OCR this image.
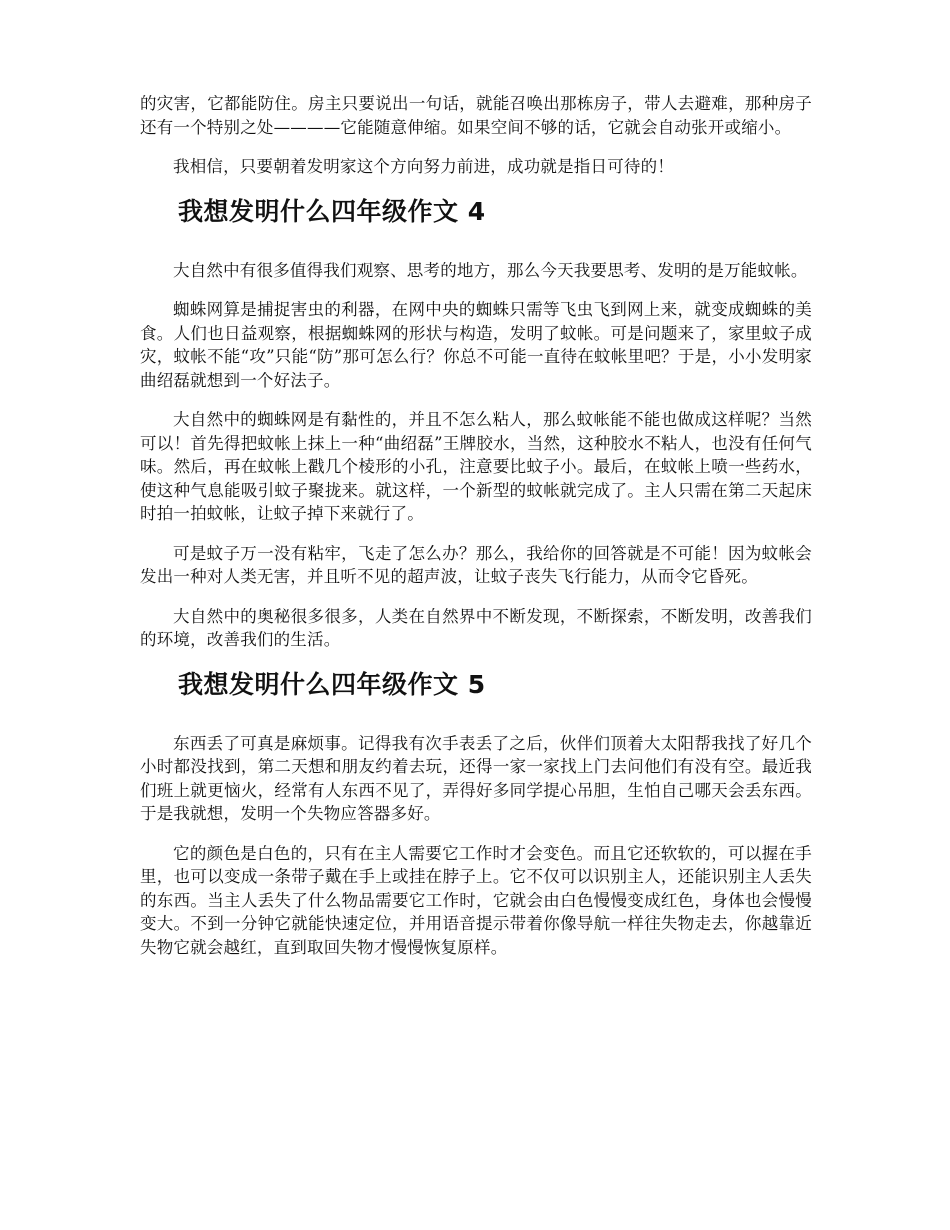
的灾害，它都能防住。房主只要说出一句话，就能召唤出那栋房子，带人去避难，那种房子还有一个特别之处————它能随意伸缩。如果空间不够的话，它就会自动张开或缩小。

我相信，只要朝着发明家这个方向努力前进，成功就是指日可待的！

我想发明什么四年级作文 4

大自然中有很多值得我们观察、思考的地方，那么今天我要思考、发明的是万能蚊帐。

蜘蛛网算是捕捉害虫的利器，在网中央的蜘蛛只需等飞虫飞到网上来，就变成蜘蛛的美食。人们也日益观察，根据蜘蛛网的形状与构造，发明了蚊帐。可是问题来了，家里蚊子成灾，蚊帐不能“攻”只能“防”那可怎么行？你总不可能一直待在蚊帐里吧？于是，小小发明家曲绍磊就想到一个好法子。

大自然中的蜘蛛网是有黏性的，并且不怎么粘人，那么蚊帐能不能也做成这样呢？当然可以！首先得把蚊帐上抹上一种“曲绍磊”王牌胶水，当然，这种胶水不粘人，也没有任何气味。然后，再在蚊帐上戳几个棱形的小孔，注意要比蚊子小。最后，在蚊帐上喷一些药水，使这种气息能吸引蚊子聚拢来。就这样，一个新型的蚊帐就完成了。主人只需在第二天起床时拍一拍蚊帐，让蚊子掉下来就行了。

可是蚊子万一没有粘牢，飞走了怎么办？那么，我给你的回答就是不可能！因为蚊帐会发出一种对人类无害，并且听不见的超声波，让蚊子丧失飞行能力，从而令它昏死。

大自然中的奥秘很多很多，人类在自然界中不断发现，不断探索，不断发明，改善我们的环境，改善我们的生活。

我想发明什么四年级作文 5

东西丢了可真是麻烦事。记得我有次手表丢了之后，伙伴们顶着大太阳帮我找了好几个小时都没找到，第二天想和朋友约着去玩，还得一家一家找上门去问他们有没有空。最近我们班上就更恼火，经常有人东西不见了，弄得好多同学提心吊胆，生怕自己哪天会丢东西。于是我就想，发明一个失物应答器多好。

它的颜色是白色的，只有在主人需要它工作时才会变色。而且它还软软的，可以握在手里，也可以变成一条带子戴在手上或挂在脖子上。它不仅可以识别主人，还能识别主人丢失的东西。当主人丢失了什么物品需要它工作时，它就会由白色慢慢变成红色，身体也会慢慢变大。不到一分钟它就能快速定位，并用语音提示带着你像导航一样往失物走去，你越靠近失物它就会越红，直到取回失物才慢慢恢复原样。
